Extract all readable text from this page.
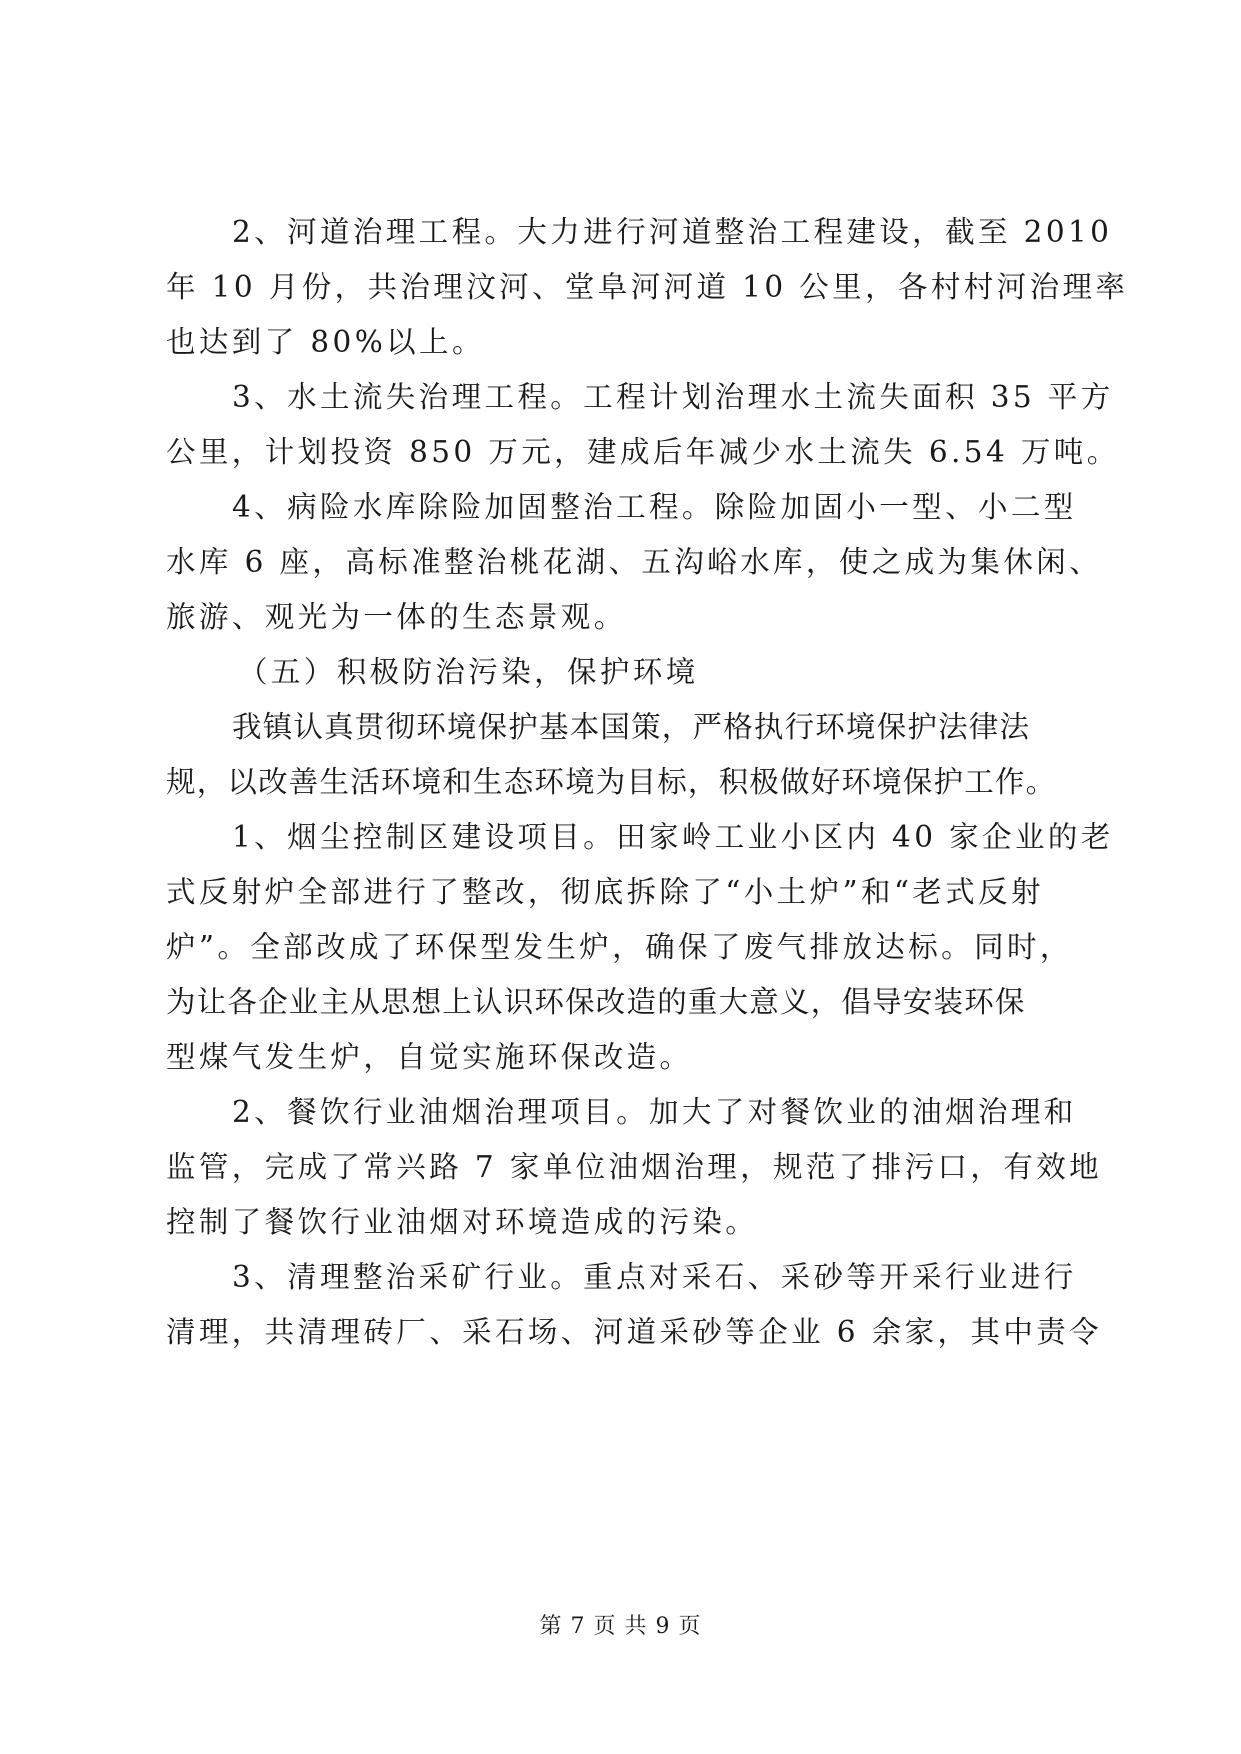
2、河道治理工程。大力进行河道整治工程建设，截至 2010
年 10 月份，共治理汶河、堂阜河河道 10 公里，各村村河治理率
也达到了 80%以上。
3、水土流失治理工程。工程计划治理水土流失面积 35 平方
公里，计划投资 850 万元，建成后年减少水土流失 6.54 万吨。
4、病险水库除险加固整治工程。除险加固小一型、小二型
水库 6 座，高标准整治桃花湖、五沟峪水库，使之成为集休闲、
旅游、观光为一体的生态景观。
（五）积极防治污染，保护环境
我镇认真贯彻环境保护基本国策，严格执行环境保护法律法
规，以改善生活环境和生态环境为目标，积极做好环境保护工作。
1、烟尘控制区建设项目。田家岭工业小区内 40 家企业的老
式反射炉全部进行了整改，彻底拆除了“小土炉”和“老式反射
炉”。全部改成了环保型发生炉，确保了废气排放达标。同时，
为让各企业主从思想上认识环保改造的重大意义，倡导安装环保
型煤气发生炉，自觉实施环保改造。
2、餐饮行业油烟治理项目。加大了对餐饮业的油烟治理和
监管，完成了常兴路 7 家单位油烟治理，规范了排污口，有效地
控制了餐饮行业油烟对环境造成的污染。
3、清理整治采矿行业。重点对采石、采砂等开采行业进行
清理，共清理砖厂、采石场、河道采砂等企业 6 余家，其中责令
第 7 页 共 9 页
